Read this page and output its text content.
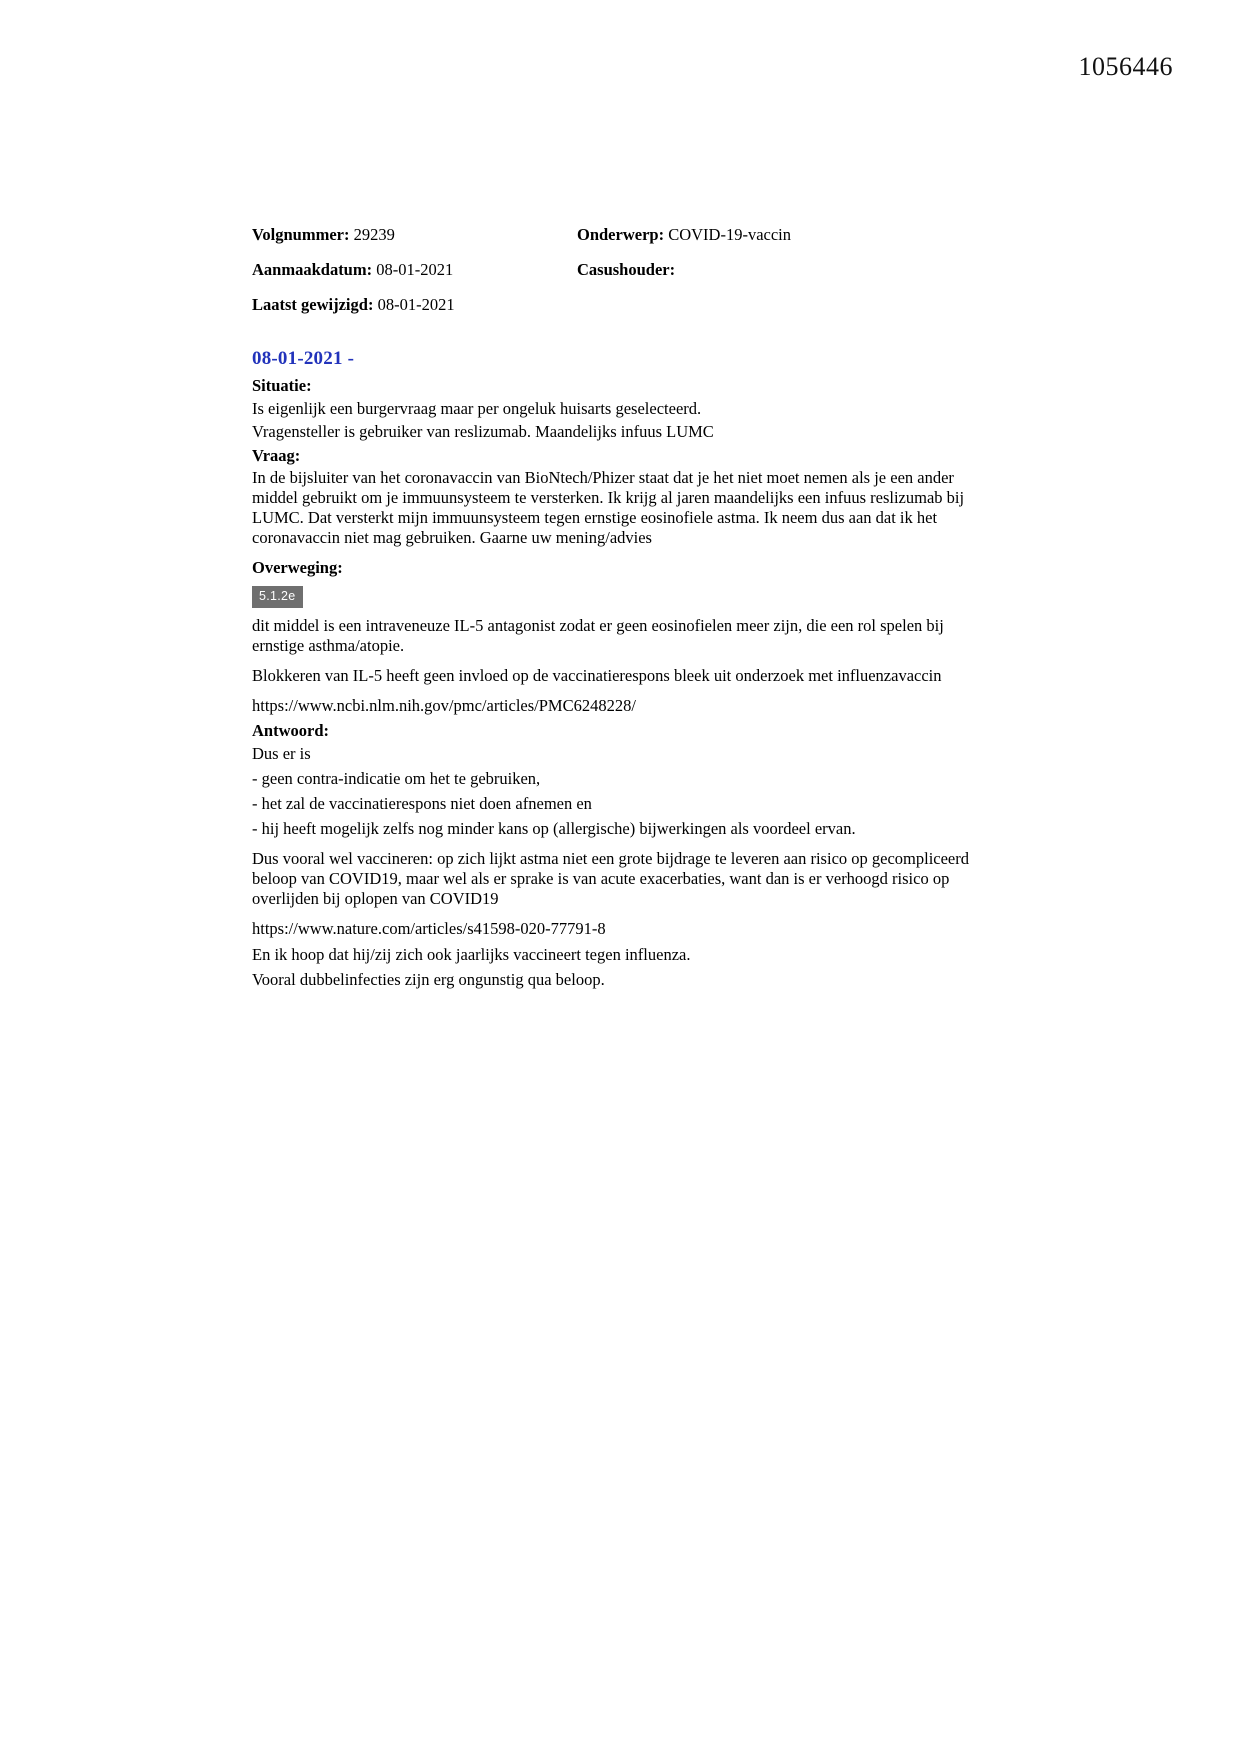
1056446
Volgnummer: 29239	Onderwerp: COVID-19-vaccin
Aanmaakdatum: 08-01-2021	Casushouder:
Laatst gewijzigd: 08-01-2021
08-01-2021 -
Situatie:

Is eigenlijk een burgervraag maar per ongeluk huisarts geselecteerd.

Vragensteller is gebruiker van reslizumab. Maandelijks infuus LUMC

Vraag:

In de bijsluiter van het coronavaccin van BioNtech/Phizer staat dat je het niet moet nemen als je een ander middel gebruikt om je immuunsysteem te versterken. Ik krijg al jaren maandelijks een infuus reslizumab bij LUMC. Dat versterkt mijn immuunsysteem tegen ernstige eosinofiele astma. Ik neem dus aan dat ik het coronavaccin niet mag gebruiken. Gaarne uw mening/advies

Overweging:
5.1.2e

dit middel is een intraveneuze IL-5 antagonist zodat er geen eosinofielen meer zijn, die een rol spelen bij ernstige asthma/atopie.

Blokkeren van IL-5 heeft geen invloed op de vaccinatierespons bleek uit onderzoek met influenzavaccin

https://www.ncbi.nlm.nih.gov/pmc/articles/PMC6248228/

Antwoord:

Dus er is

- geen contra-indicatie om het te gebruiken,

- het zal de vaccinatierespons niet doen afnemen en

- hij heeft mogelijk zelfs nog minder kans op (allergische) bijwerkingen als voordeel ervan.

Dus vooral wel vaccineren: op zich lijkt astma niet een grote bijdrage te leveren aan risico op gecompliceerd beloop van COVID19, maar wel als er sprake is van acute exacerbaties, want dan is er verhoogd risico op overlijden bij oplopen van COVID19

https://www.nature.com/articles/s41598-020-77791-8

En ik hoop dat hij/zij zich ook jaarlijks vaccineert tegen influenza.

Vooral dubbelinfecties zijn erg ongunstig qua beloop.
